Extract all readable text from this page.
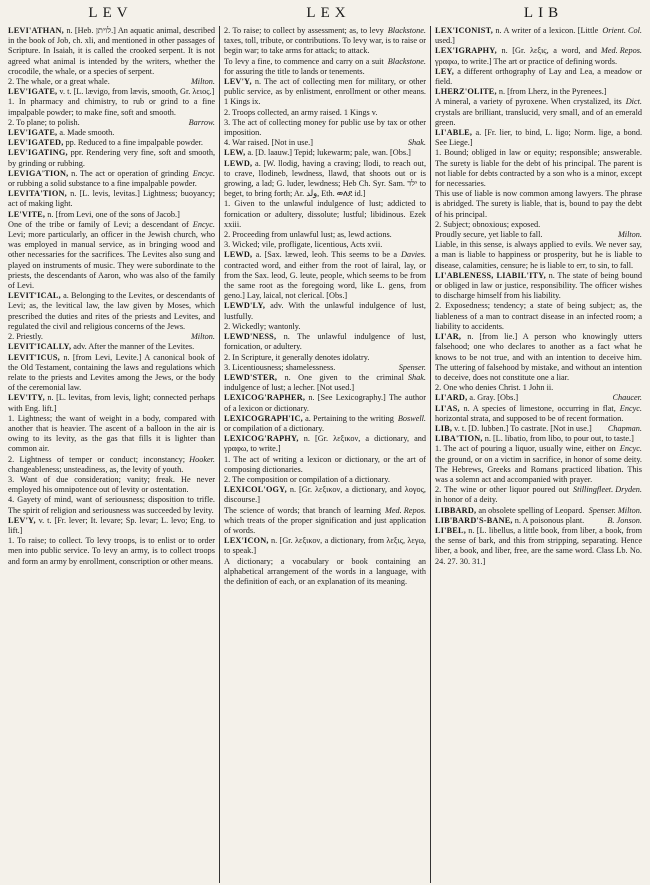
LEV	LEX	LIB

LEVI'ATHAN, n. [Heb. לויתן.] An aquatic animal, described in the book of Job, ch. xli, and mentioned in other passages of Scripture. In Isaiah, it is called the crooked serpent. It is not agreed what animal is intended by the writers, whether the crocodile, the whale, or a species of serpent.

Milton.
2. The whale, or a great whale.

LEV'IGATE, v. t. [L. lævigo, from lævis, smooth, Gr. λειος.]

1. In pharmacy and chimistry, to rub or grind to a fine impalpable powder; to make fine, soft and smooth.

Barrow.
2. To plane; to polish.

LEV'IGATE, a. Made smooth.

LEV'IGATED, pp. Reduced to a fine impalpable powder.

LEV'IGATING, ppr. Rendering very fine, soft and smooth, by grinding or rubbing.

Encyc.
LEVIGA'TION, n. The act or operation of grinding or rubbing a solid substance to a fine impalpable powder.

LEVITA'TION, n. [L. levis, levitas.] Lightness; buoyancy; act of making light.

LE'VITE, n. [from Levi, one of the sons of Jacob.]

Encyc.
One of the tribe or family of Levi; a descendant of Levi; more particularly, an officer in the Jewish church, who was employed in manual service, as in bringing wood and other necessaries for the sacrifices. The Levites also sung and played on instruments of music. They were subordinate to the priests, the descendants of Aaron, who was also of the family of Levi.

LEVIT'ICAL, a. Belonging to the Levites, or descendants of Levi; as, the levitical law, the law given by Moses, which prescribed the duties and rites of the priests and Levites, and regulated the civil and religious concerns of the Jews.

Milton.
2. Priestly.

LEVIT'ICALLY, adv. After the manner of the Levites.

LEVIT'ICUS, n. [from Levi, Levite.] A canonical book of the Old Testament, containing the laws and regulations which relate to the priests and Levites among the Jews, or the body of the ceremonial law.

LEV'ITY, n. [L. levitas, from levis, light; connected perhaps with Eng. lift.]

1. Lightness; the want of weight in a body, compared with another that is heavier. The ascent of a balloon in the air is owing to its levity, as the gas that fills it is lighter than common air.

Hooker.
2. Lightness of temper or conduct; inconstancy; changeableness; unsteadiness, as, the levity of youth.

3. Want of due consideration; vanity; freak. He never employed his omnipotence out of levity or ostentation.

4. Gayety of mind, want of seriousness; disposition to trifle. The spirit of religion and seriousness was succeeded by levity.

LEV'Y, v. t. [Fr. lever; It. levare; Sp. levar; L. levo; Eng. to lift.]

1. To raise; to collect. To levy troops, is to enlist or to order men into public service. To levy an army, is to collect troops and form an army by enrollment, conscription or other means.

Blackstone.
2. To raise; to collect by assessment; as, to levy taxes, toll, tribute, or contributions. To levy war, is to raise or begin war; to take arms for attack; to attack.

Blackstone.
To levy a fine, to commence and carry on a suit for assuring the title to lands or tenements.

LEV'Y, n. The act of collecting men for military, or other public service, as by enlistment, enrollment or other means. 1 Kings ix.

2. Troops collected, an army raised. 1 Kings v.

3. The act of collecting money for public use by tax or other imposition.

Shak.
4. War raised. [Not in use.]

LEW, a. [D. laauw.] Tepid; lukewarm; pale, wan. [Obs.]

LEWD, a. [W. llodig, having a craving; llodi, to reach out, to crave, llodineb, lewdness, llawd, that shoots out or is growing, a lad; G. luder, lewdness; Heb Ch. Syr. Sam. ילד to beget, to bring forth; Ar. ولد, Eth. ወለደ id.]

1. Given to the unlawful indulgence of lust; addicted to fornication or adultery, dissolute; lustful; libidinous. Ezek xxiii.

2. Proceeding from unlawful lust; as, lewd actions.

3. Wicked; vile, profligate, licentious, Acts xvii.

Davies.
LEWD, a. [Sax. læwed, leoh. This seems to be a contracted word, and either from the root of lairal, lay, or from the Sax. leod, G. leute, people, which seems to be from the same root as the foregoing word, like L. gens, from geno.] Lay, laical, not clerical. [Obs.]

LEWD'LY, adv. With the unlawful indulgence of lust, lustfully.

2. Wickedly; wantonly.

LEWD'NESS, n. The unlawful indulgence of lust, fornication, or adultery.

2. In Scripture, it generally denotes idolatry.

Spenser.
3. Licentiousness; shamelessness.

Shak.
LEWD'STER, n. One given to the criminal indulgence of lust; a lecher. [Not used.]

LEXICOG'RAPHER, n. [See Lexicography.] The author of a lexicon or dictionary.

Boswell.
LEXICOGRAPH'IC, a. Pertaining to the writing or compilation of a dictionary.

LEXICOG'RAPHY, n. [Gr. λεξικον, a dictionary, and γραφω, to write.]

1. The act of writing a lexicon or dictionary, or the art of composing dictionaries.

2. The composition or compilation of a dictionary.

LEXICOL'OGY, n. [Gr. λεξικον, a dictionary, and λογος, discourse.]

Med. Repos.
The science of words; that branch of learning which treats of the proper signification and just application of words.

LEX'ICON, n. [Gr. λεξικον, a dictionary, from λεξις, λεγω, to speak.]

A dictionary; a vocabulary or book containing an alphabetical arrangement of the words in a language, with the definition of each, or an explanation of its meaning.

Orient. Col.
LEX'ICONIST, n. A writer of a lexicon. [Little used.]

Med. Repos.
LEX'IGRAPHY, n. [Gr. λεξις, a word, and γραφω, to write.] The art or practice of defining words.

LEY, a different orthography of Lay and Lea, a meadow or field.

LHERZ'OLITE, n. [from Lherz, in the Pyrenees.]

Dict.
A mineral, a variety of pyroxene. When crystalized, its crystals are brilliant, translucid, very small, and of an emerald green.

LI'ABLE, a. [Fr. lier, to bind, L. ligo; Norm. lige, a bond. See Liege.]

1. Bound; obliged in law or equity; responsible; answerable. The surety is liable for the debt of his principal. The parent is not liable for debts contracted by a son who is a minor, except for necessaries.

This use of liable is now common among lawyers. The phrase is abridged. The surety is liable, that is, bound to pay the debt of his principal.

2. Subject; obnoxious; exposed.

Milton.
Proudly secure, yet liable to fall.

Liable, in this sense, is always applied to evils. We never say, a man is liable to happiness or prosperity, but he is liable to disease, calamities, censure; he is liable to err, to sin, to fall.

LI'ABLENESS, LIABIL'ITY, n. The state of being bound or obliged in law or justice, responsibility. The officer wishes to discharge himself from his liability.

2. Exposedness; tendency; a state of being subject; as, the liableness of a man to contract disease in an infected room; a liability to accidents.

LI'AR, n. [from lie.] A person who knowingly utters falsehood; one who declares to another as a fact what he knows to be not true, and with an intention to deceive him. The uttering of falsehood by mistake, and without an intention to deceive, does not constitute one a liar.

2. One who denies Christ. 1 John ii.

Chaucer.
LI'ARD, a. Gray. [Obs.]

Encyc.
LI'AS, n. A species of limestone, occurring in flat, horizontal strata, and supposed to be of recent formation.

Chapman.
LIB, v. t. [D. lubben.] To castrate. [Not in use.]

LIBA'TION, n. [L. libatio, from libo, to pour out, to taste.]

Encyc.
1. The act of pouring a liquor, usually wine, either on the ground, or on a victim in sacrifice, in honor of some deity. The Hebrews, Greeks and Romans practiced libation. This was a solemn act and accompanied with prayer.

Stillingfleet. Dryden.
2. The wine or other liquor poured out in honor of a deity.

Spenser. Milton.
LIBBARD, an obsolete spelling of Leopard.

B. Jonson.
LIB'BARD'S-BANE, n. A poisonous plant.

LI'BEL, n. [L. libellus, a little book, from liber, a book, from the sense of bark, and this from stripping, separating. Hence liber, a book, and liber, free, are the same word. Class Lb. No. 24. 27. 30. 31.]
